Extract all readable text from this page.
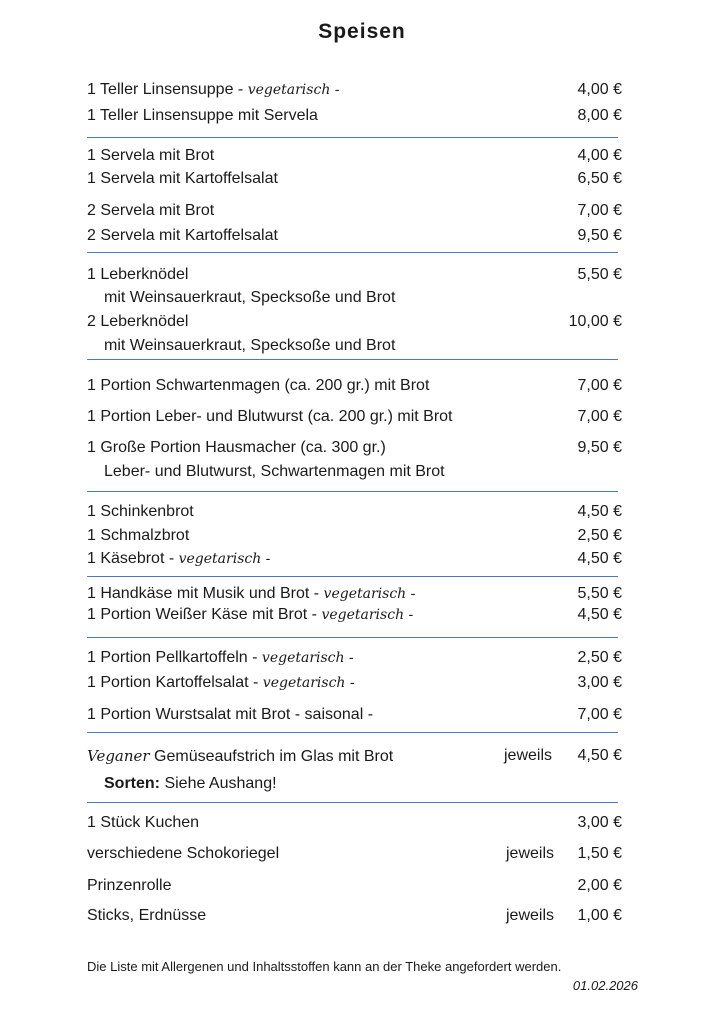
Speisen
1 Teller Linsensuppe - vegetarisch -	4,00 €
1 Teller Linsensuppe mit Servela	8,00 €
1 Servela mit Brot	4,00 €
1 Servela mit Kartoffelsalat	6,50 €
2 Servela mit Brot	7,00 €
2 Servela mit Kartoffelsalat	9,50 €
1 Leberknödel	5,50 €
mit Weinsauerkraut, Specksoße und Brot
2 Leberknödel	10,00 €
mit Weinsauerkraut, Specksoße und Brot
1 Portion Schwartenmagen (ca. 200 gr.) mit Brot	7,00 €
1 Portion Leber- und Blutwurst (ca. 200 gr.) mit Brot	7,00 €
1 Große Portion Hausmacher (ca. 300 gr.)	9,50 €
Leber- und Blutwurst, Schwartenmagen mit Brot
1 Schinkenbrot	4,50 €
1 Schmalzbrot	2,50 €
1 Käsebrot - vegetarisch -	4,50 €
1 Handkäse mit Musik und Brot - vegetarisch -	5,50 €
1 Portion Weißer Käse mit Brot - vegetarisch -	4,50 €
1 Portion Pellkartoffeln - vegetarisch -	2,50 €
1 Portion Kartoffelsalat - vegetarisch -	3,00 €
1 Portion Wurstsalat mit Brot - saisonal -	7,00 €
Veganer Gemüseaufstrich im Glas mit Brot	jeweils 4,50 €
Sorten: Siehe Aushang!
1 Stück Kuchen	3,00 €
verschiedene Schokoriegel	jeweils 1,50 €
Prinzenrolle	2,00 €
Sticks, Erdnüsse	jeweils 1,00 €
Die Liste mit Allergenen und Inhaltsstoffen kann an der Theke angefordert werden.
01.02.2026
